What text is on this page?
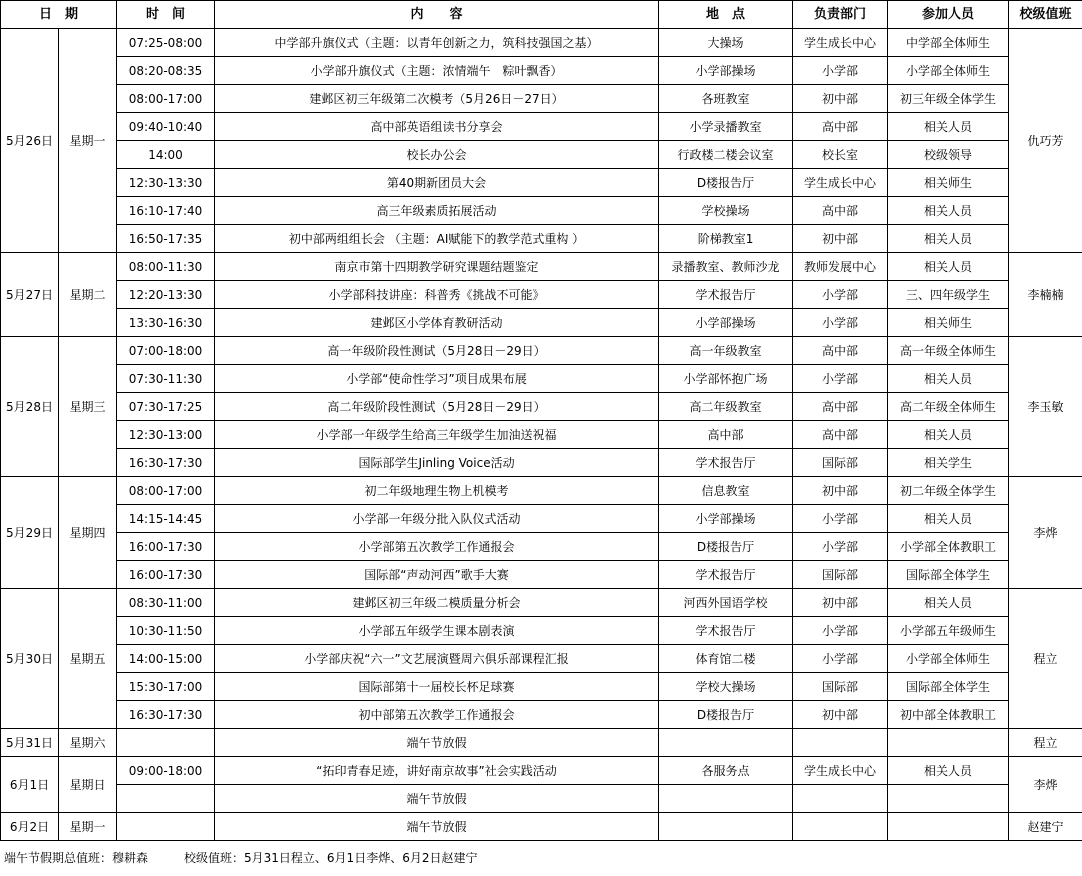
日　期		时　间	内　　容	地　点	负责部门	参加人员	校级值班
5月26日	星期一	07:25-08:00	中学部升旗仪式（主题：以青年创新之力，筑科技强国之基）	大操场	学生成长中心	中学部全体师生	仇巧芳
		08:20-08:35	小学部升旗仪式（主题：浓情端午　粽叶飘香）	小学部操场	小学部	小学部全体师生	
		08:00-17:00	建邺区初三年级第二次模考（5月26日－27日）	各班教室	初中部	初三年级全体学生	
		09:40-10:40	高中部英语组读书分享会	小学录播教室	高中部	相关人员	
		14:00	校长办公会	行政楼二楼会议室	校长室	校级领导	
		12:30-13:30	第40期新团员大会	D楼报告厅	学生成长中心	相关师生	
		16:10-17:40	高三年级素质拓展活动	学校操场	高中部	相关人员	
		16:50-17:35	初中部两组组长会 （主题：AI赋能下的教学范式重构 ）	阶梯教室1	初中部	相关人员	
5月27日	星期二	08:00-11:30	南京市第十四期教学研究课题结题鉴定	录播教室、教师沙龙	教师发展中心	相关人员	李楠楠
		12:20-13:30	小学部科技讲座：科普秀《挑战不可能》	学术报告厅	小学部	三、四年级学生	
		13:30-16:30	建邺区小学体育教研活动	小学部操场	小学部	相关师生	
5月28日	星期三	07:00-18:00	高一年级阶段性测试（5月28日－29日）	高一年级教室	高中部	高一年级全体师生	李玉敏
		07:30-11:30	小学部“使命性学习”项目成果布展	小学部怀抱广场	小学部	相关人员	
		07:30-17:25	高二年级阶段性测试（5月28日－29日）	高二年级教室	高中部	高二年级全体师生	
		12:30-13:00	小学部一年级学生给高三年级学生加油送祝福	高中部	高中部	相关人员	
		16:30-17:30	国际部学生Jinling Voice活动	学术报告厅	国际部	相关学生	
5月29日	星期四	08:00-17:00	初二年级地理生物上机模考	信息教室	初中部	初二年级全体学生	李烨
		14:15-14:45	小学部一年级分批入队仪式活动	小学部操场	小学部	相关人员	
		16:00-17:30	小学部第五次教学工作通报会	D楼报告厅	小学部	小学部全体教职工	
		16:00-17:30	国际部“声动河西”歌手大赛	学术报告厅	国际部	国际部全体学生	
5月30日	星期五	08:30-11:00	建邺区初三年级二模质量分析会	河西外国语学校	初中部	相关人员	程立
		10:30-11:50	小学部五年级学生课本剧表演	学术报告厅	小学部	小学部五年级师生	
		14:00-15:00	小学部庆祝“六一”文艺展演暨周六俱乐部课程汇报	体育馆二楼	小学部	小学部全体师生	
		15:30-17:00	国际部第十一届校长杯足球赛	学校大操场	国际部	国际部全体学生	
		16:30-17:30	初中部第五次教学工作通报会	D楼报告厅	初中部	初中部全体教职工	
5月31日	星期六		端午节放假				程立
6月1日	星期日	09:00-18:00	“拓印青春足迹，讲好南京故事”社会实践活动	各服务点	学生成长中心	相关人员	李烨
			端午节放假				
6月2日	星期一		端午节放假				赵建宁
端午节假期总值班：穆耕森	校级值班：5月31日程立、6月1日李烨、6月2日赵建宁
